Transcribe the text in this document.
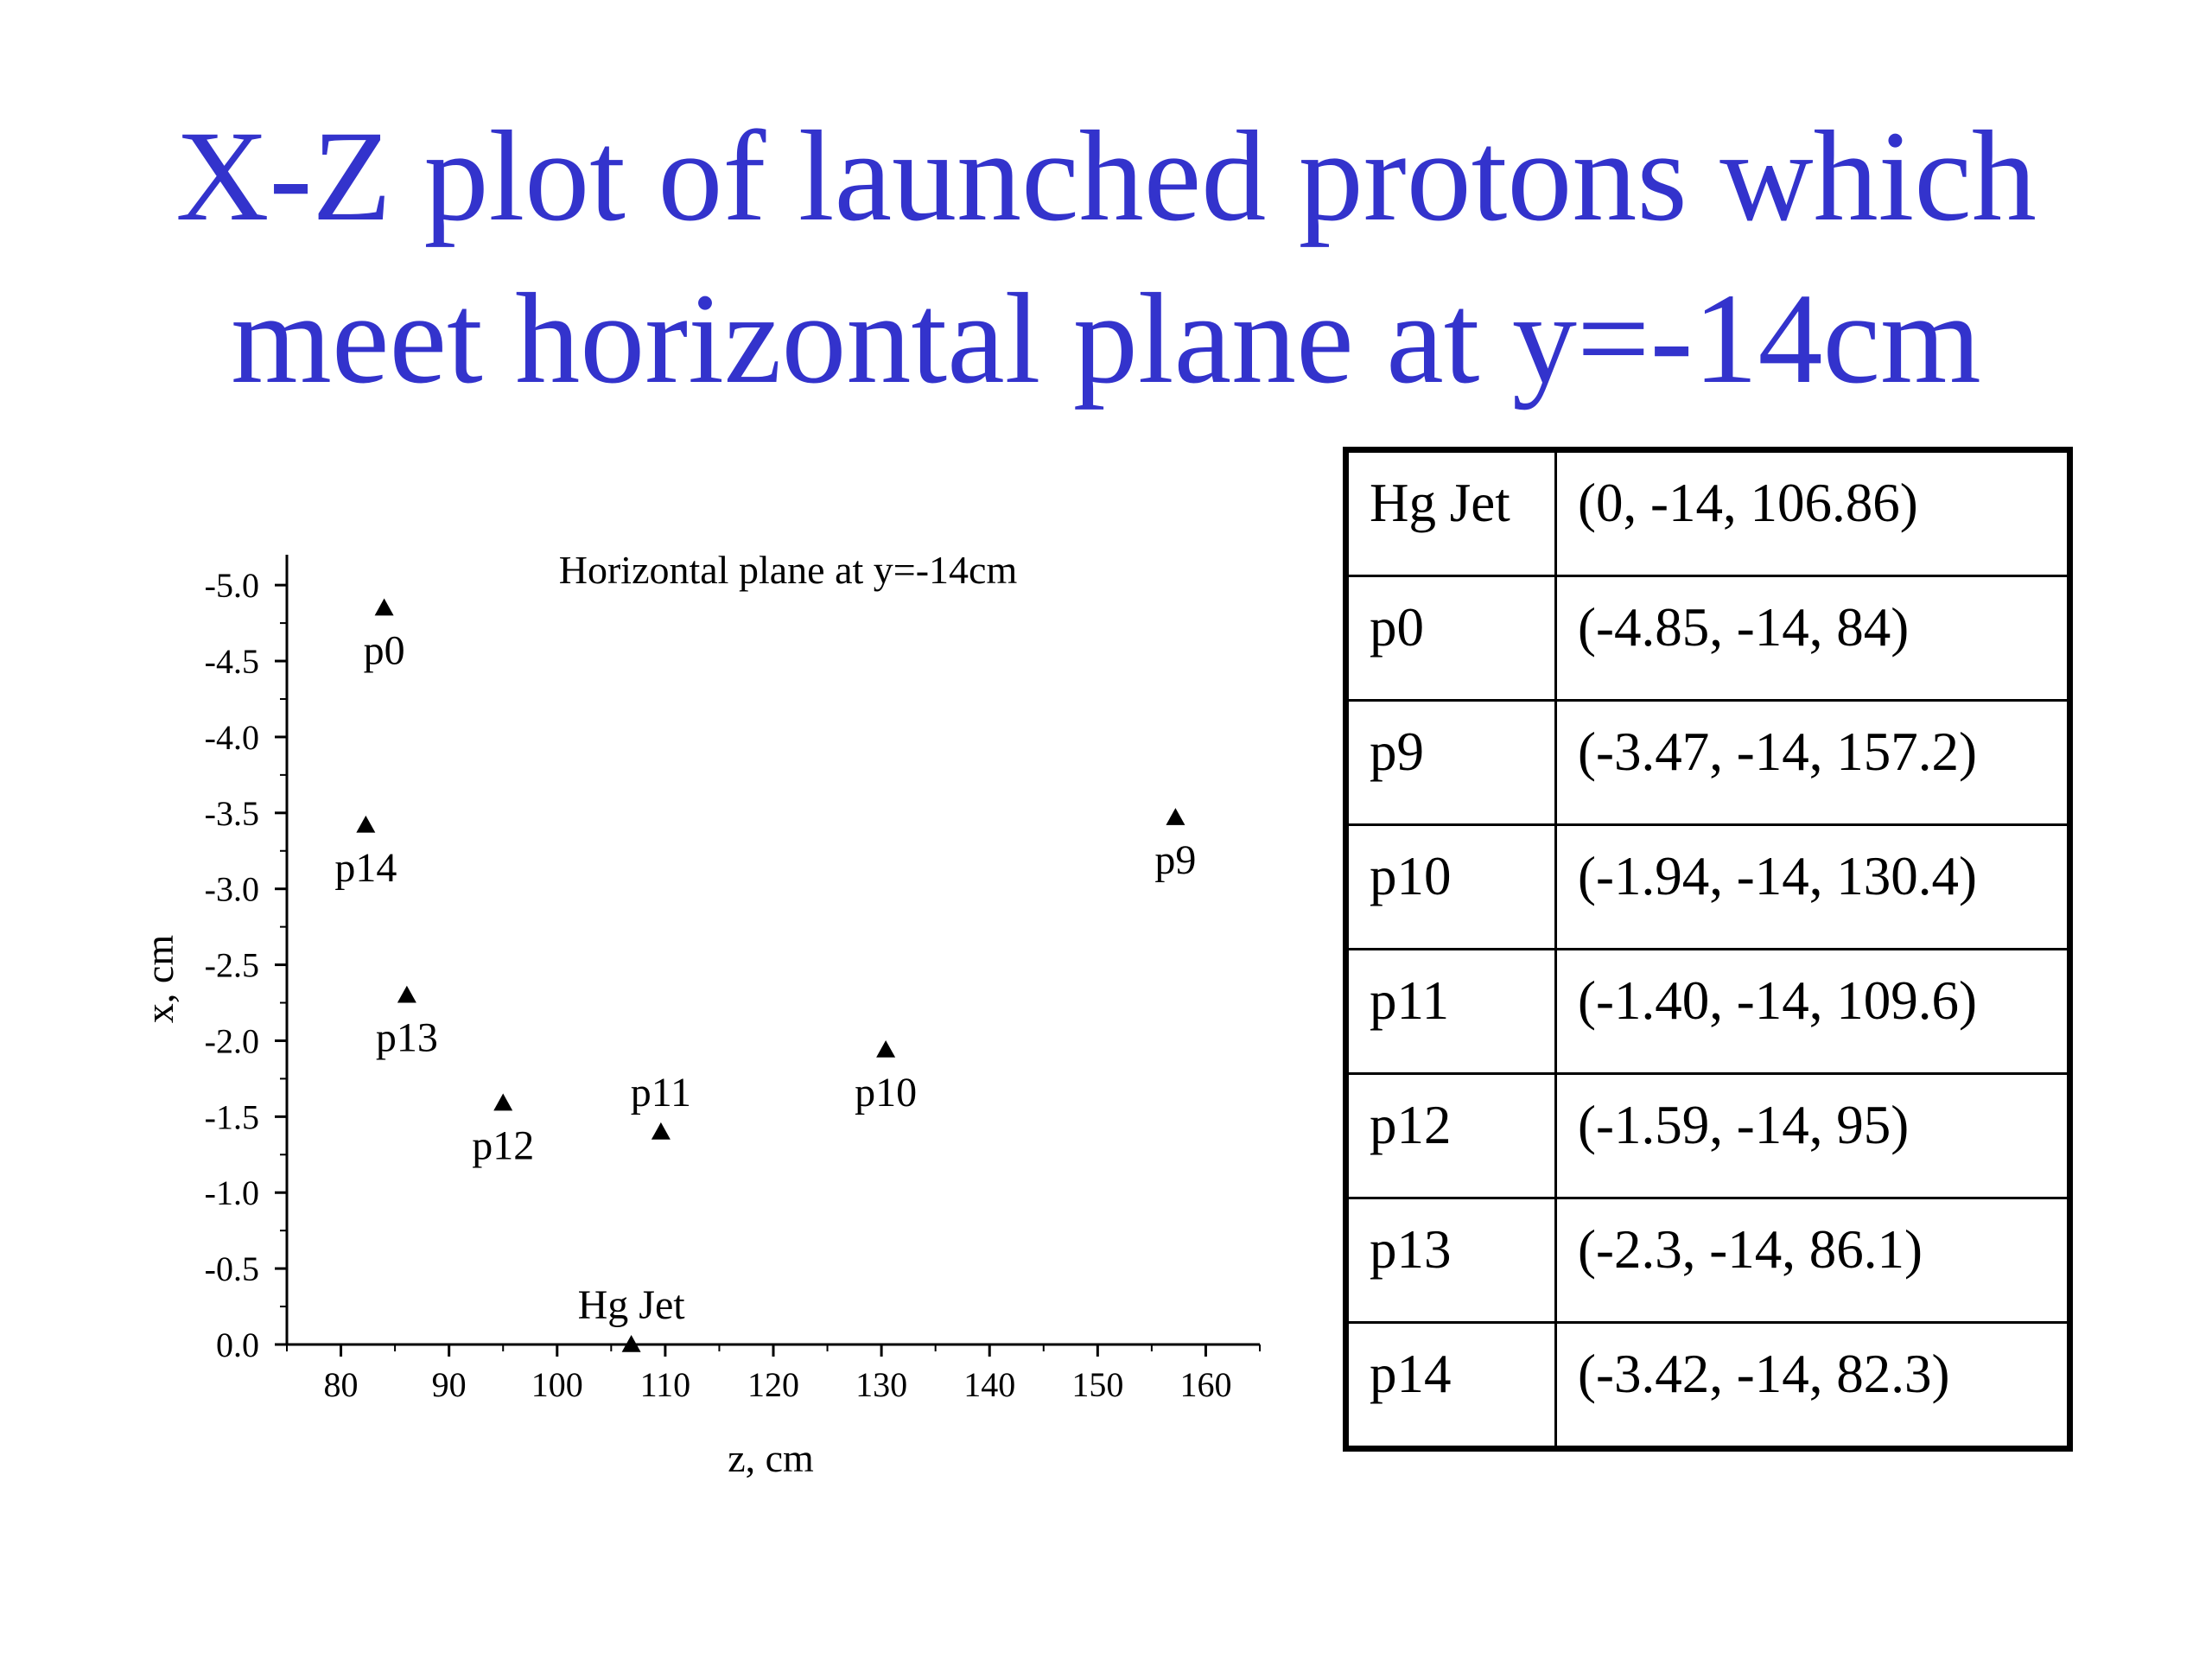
X-Z plot of launched protons which
meet horizontal plane at y=-14cm
80 90 100 110 120 130 140 150 160
0.0
-0.5
-1.0
-1.5
-2.0
-2.5
-3.0
-3.5
-4.0
-4.5
-5.0
p0
p14
p13
p12
p11	p10
p9
Hg Jet
Horizontal plane at y=-14cm
z, cm
x, cm
Hg Jet	(0, -14, 106.86)
p0	(-4.85, -14, 84)
p9	(-3.47, -14, 157.2)
p10	(-1.94, -14, 130.4)
p11	(-1.40, -14, 109.6)
p12	(-1.59, -14, 95)
p13	(-2.3, -14, 86.1)
p14	(-3.42, -14, 82.3)
